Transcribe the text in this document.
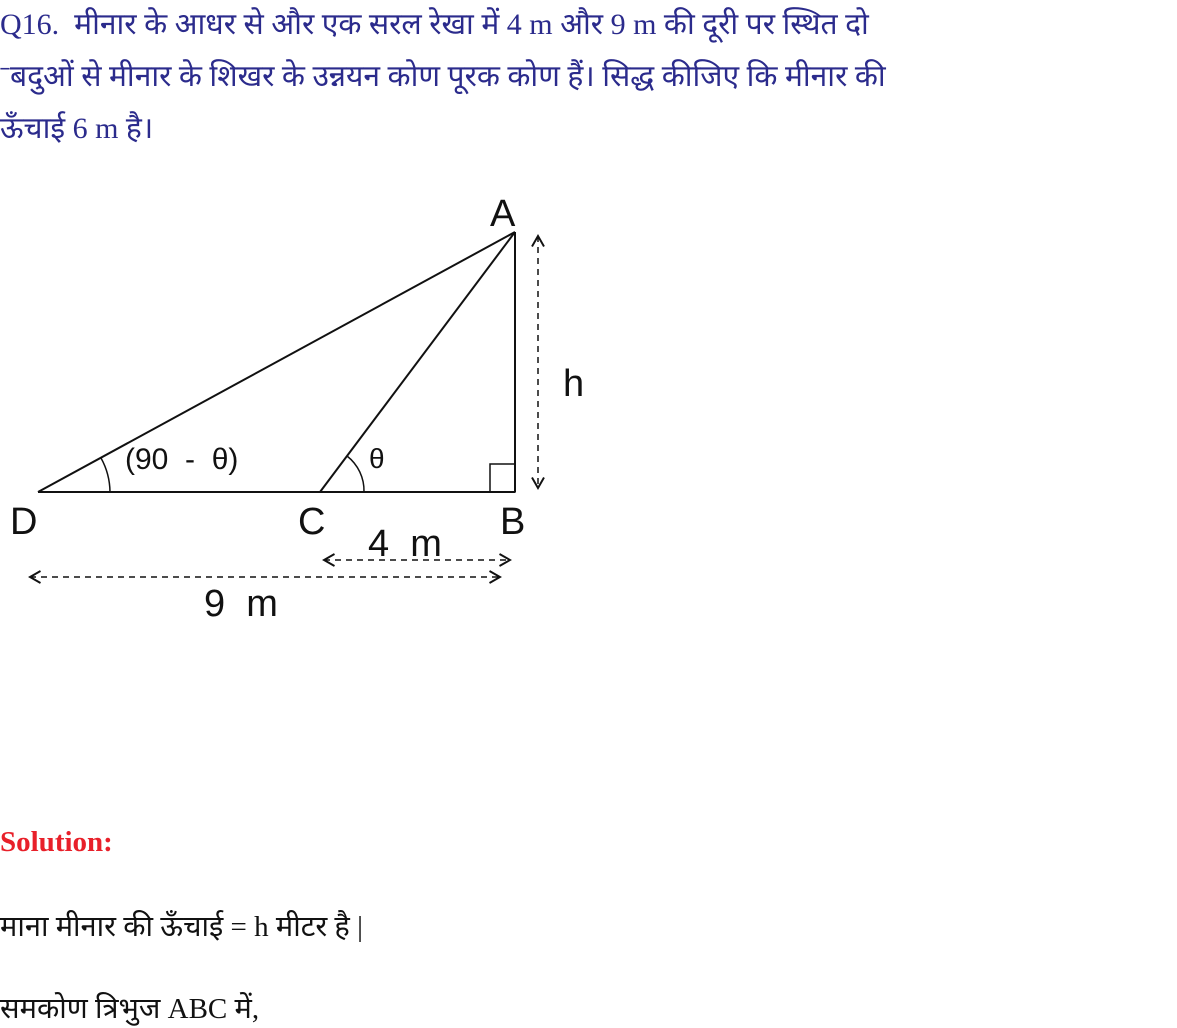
Q16. मीनार के आधर से और एक सरल रेखा में 4 m और 9 m की दूरी पर स्थित दो
ˉबदुओं से मीनार के शिखर के उन्नयन कोण पूरक कोण हैं। सिद्ध कीजिए कि मीनार की
ऊँचाई 6 m है।
A
B
C
D
h
(90  -  θ)	θ
4  m
9  m
Solution:
माना मीनार की ऊँचाई = h मीटर है |
समकोण त्रिभुज ABC में,
